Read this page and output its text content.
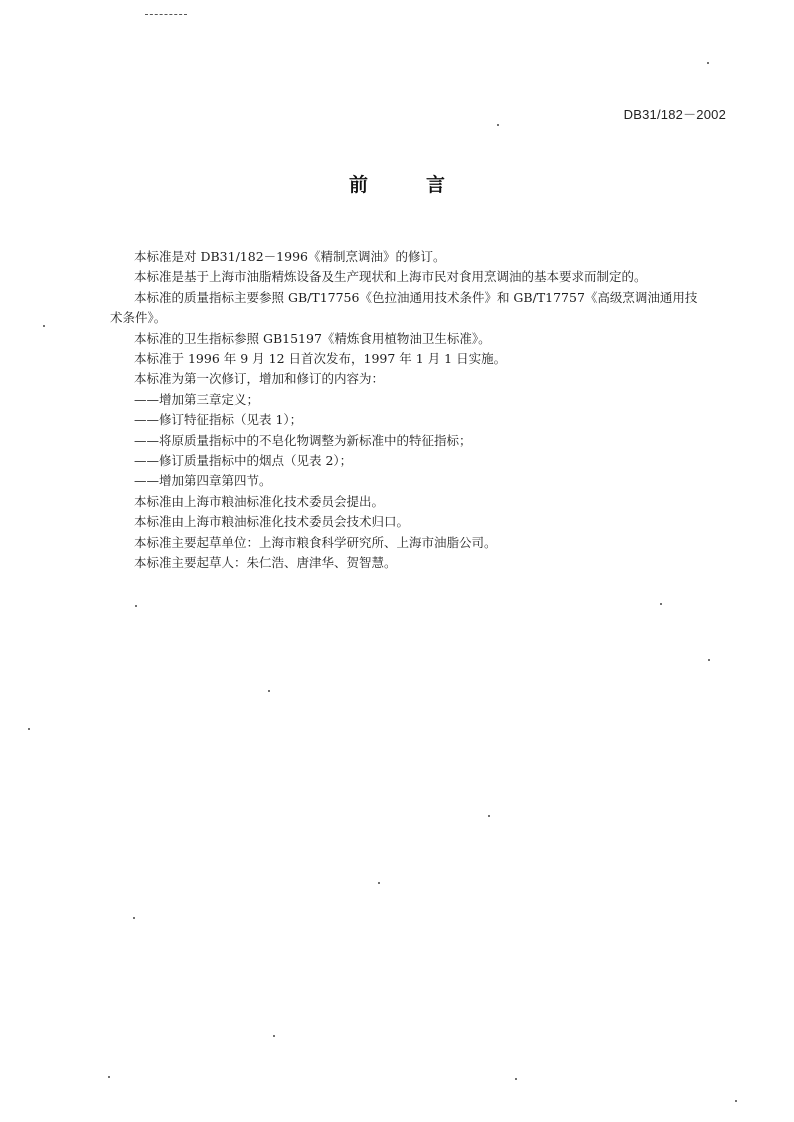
DB31/182－2002
前	言

本标准是对 DB31/182－1996《精制烹调油》的修订。

本标准是基于上海市油脂精炼设备及生产现状和上海市民对食用烹调油的基本要求而制定的。

本标准的质量指标主要参照 GB/T17756《色拉油通用技术条件》和 GB/T17757《高级烹调油通用技

术条件》。

本标准的卫生指标参照 GB15197《精炼食用植物油卫生标准》。

本标准于 1996 年 9 月 12 日首次发布，1997 年 1 月 1 日实施。

本标准为第一次修订，增加和修订的内容为：

——增加第三章定义；

——修订特征指标（见表 1）；

——将原质量指标中的不皂化物调整为新标准中的特征指标；

——修订质量指标中的烟点（见表 2）；

——增加第四章第四节。

本标准由上海市粮油标准化技术委员会提出。

本标准由上海市粮油标准化技术委员会技术归口。

本标准主要起草单位：上海市粮食科学研究所、上海市油脂公司。

本标准主要起草人：朱仁浩、唐津华、贺智慧。
